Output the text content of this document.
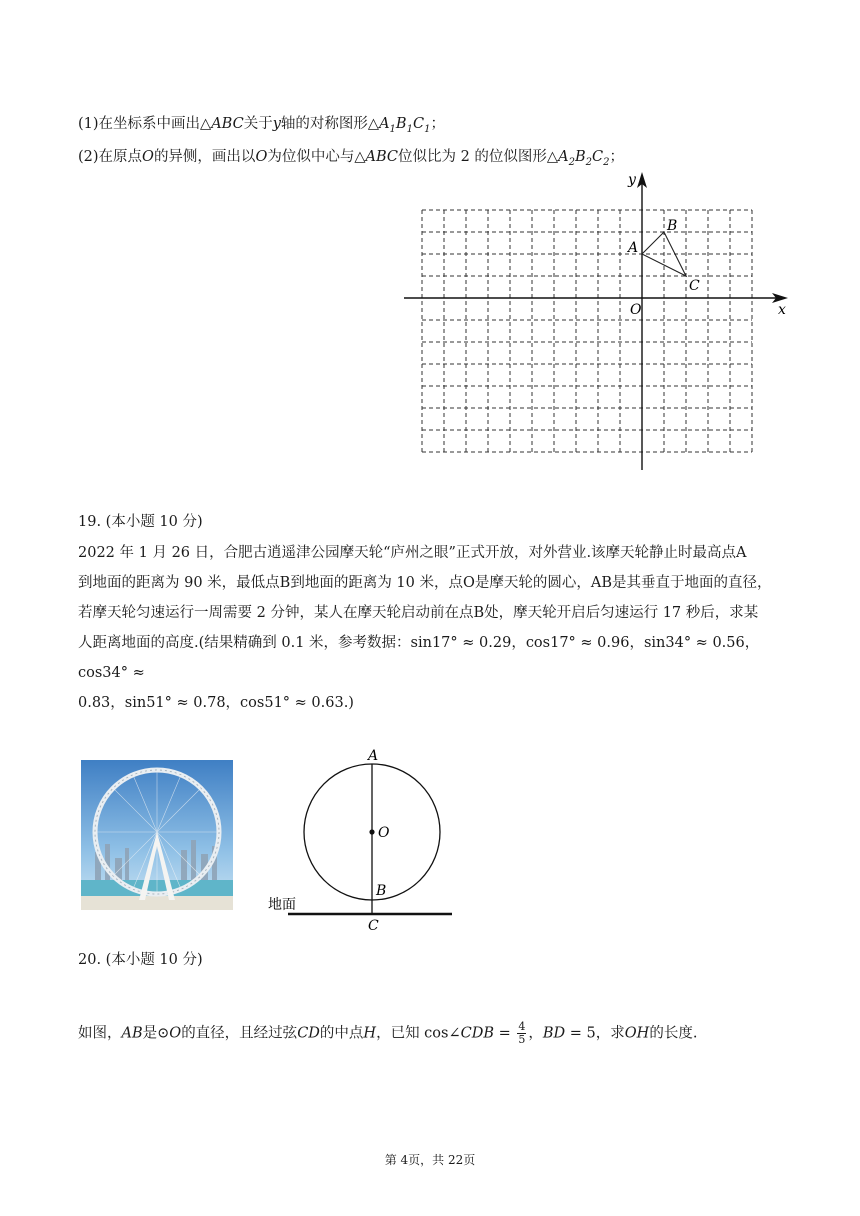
(1)在坐标系中画出△ABC关于y轴的对称图形$\triangle A_1B_1C_1$；
(2)在原点O的异侧，画出以O为位似中心与△ABC位似比为 2 的位似图形$\triangle A_2B_2C_2$；
y
x
O
A
B
C
19. (本小题 10 分)
2022 年 1 月 26 日，合肥古逍遥津公园摩天轮“庐州之眼”正式开放，对外营业.该摩天轮静止时最高点A
到地面的距离为 90 米，最低点B到地面的距离为 10 米，点O是摩天轮的圆心，AB是其垂直于地面的直径，
若摩天轮匀速运行一周需要 2 分钟，某人在摩天轮启动前在点B处，摩天轮开启后匀速运行 17 秒后，求某
人距离地面的高度.(结果精确到 0.1 米，参考数据：sin17° ≈ 0.29，cos17° ≈ 0.96，sin34° ≈ 0.56，cos34° ≈
0.83，sin51° ≈ 0.78，cos51° ≈ 0.63.)
A
O
B
C
地面
20. (本小题 10 分)
如图，AB是⊙O的直径，且经过弦CD的中点H，已知 cos∠CDB = $\frac{4}{5}$ ，BD = 5，求OH的长度.
第 4页，共 22页
